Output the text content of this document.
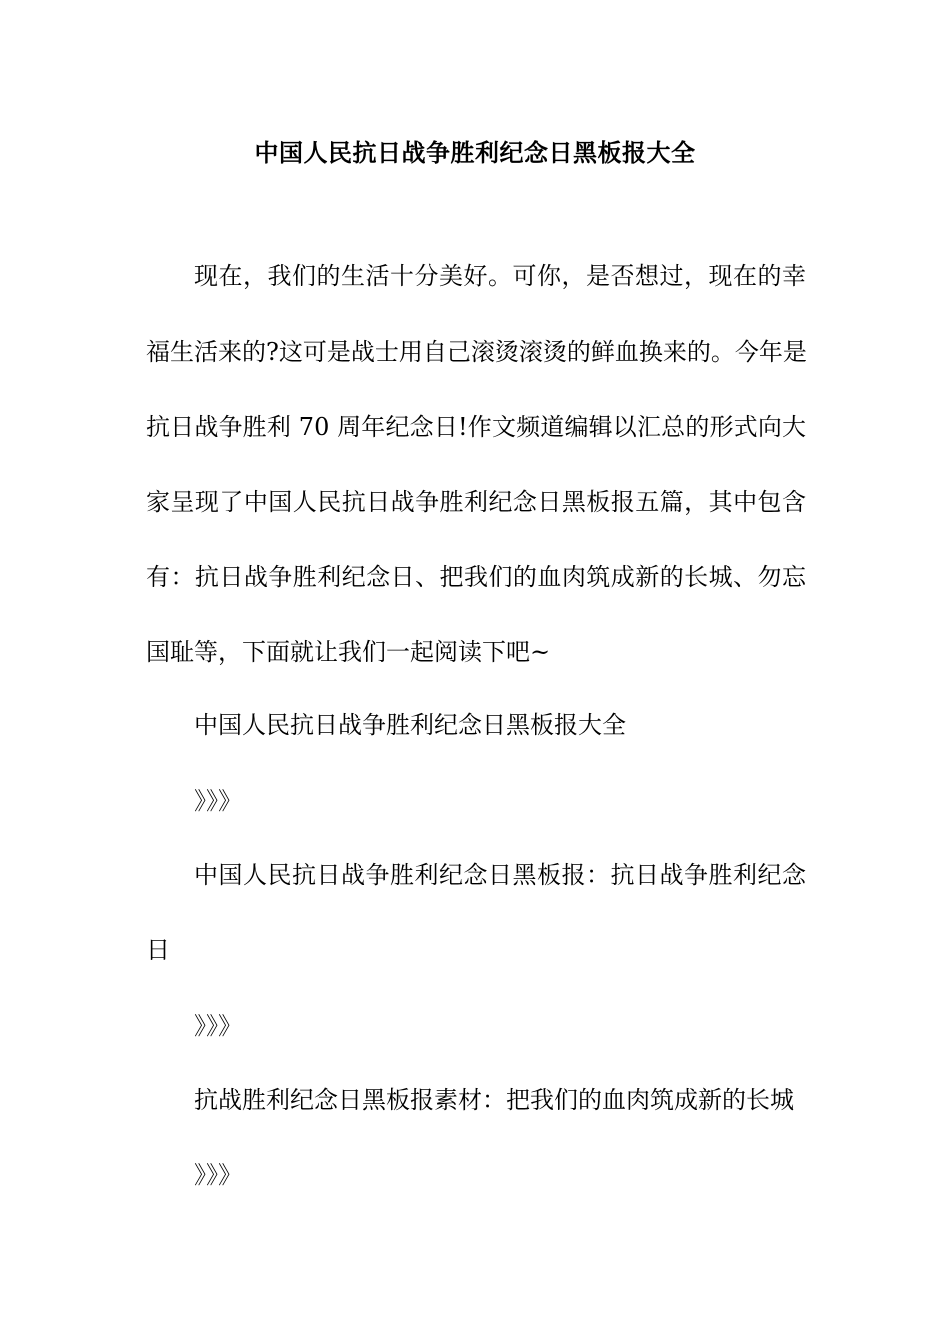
中国人民抗日战争胜利纪念日黑板报大全

现在，我们的生活十分美好。可你，是否想过，现在的幸

福生活来的?这可是战士用自己滚烫滚烫的鲜血换来的。今年是

抗日战争胜利 70 周年纪念日!作文频道编辑以汇总的形式向大

家呈现了中国人民抗日战争胜利纪念日黑板报五篇，其中包含

有：抗日战争胜利纪念日、把我们的血肉筑成新的长城、勿忘

国耻等，下面就让我们一起阅读下吧~

中国人民抗日战争胜利纪念日黑板报大全

》》》

中国人民抗日战争胜利纪念日黑板报：抗日战争胜利纪念

日

》》》

抗战胜利纪念日黑板报素材：把我们的血肉筑成新的长城

》》》
